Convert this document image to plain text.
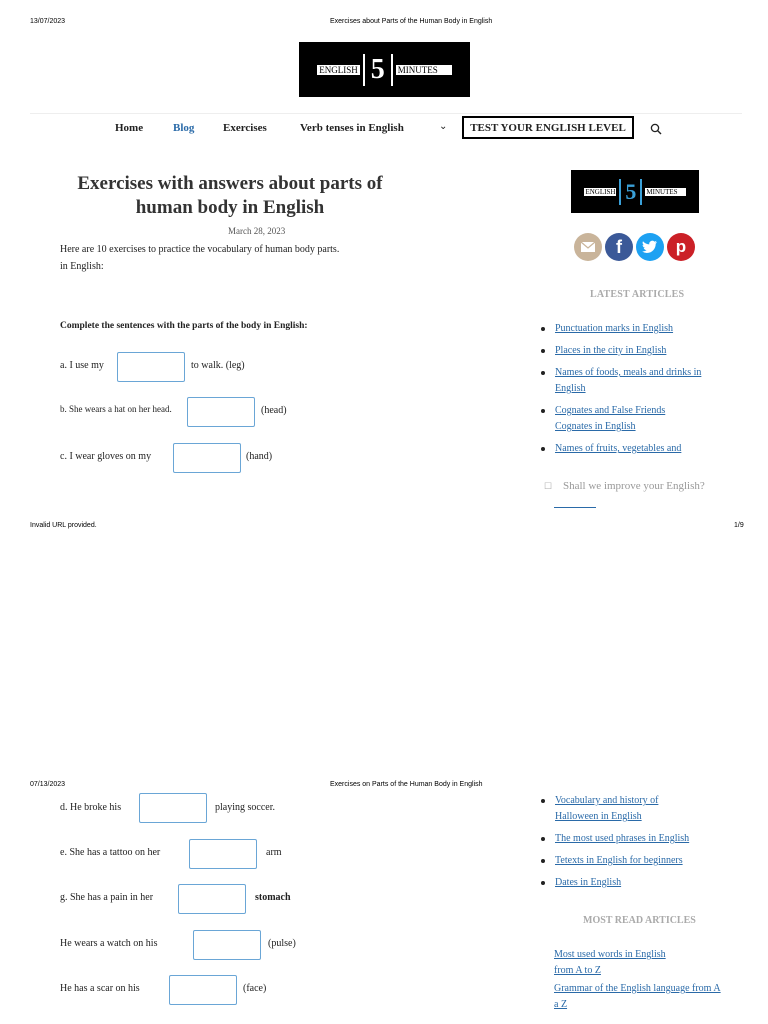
13/07/2023	Exercises about Parts of the Human Body in English
ENGLISH 5	MINUTES
Home	Blog	Exercises	Verb tenses in English	⌄	TEST YOUR ENGLISH LEVEL
Exercises with answers about parts of
human body in English
March 28, 2023
Here are 10 exercises to practice the vocabulary of human body parts.
in English:
Complete the sentences with the parts of the body in English:
a. I use my	to walk. (leg)
b. She wears a hat on her head.	(head)
c. I wear gloves on my	(hand)
ENGLISH 5	MINUTES
f	p
LATEST ARTICLES
Punctuation marks in English
Places in the city in English
Names of foods, meals and drinks in English
Cognates and False Friends Cognates in English
Names of fruits, vegetables and
☐ Shall we improve your English?
Invalid URL provided.	1/9
07/13/2023	Exercises on Parts of the Human Body in English
d. He broke his	playing soccer.
e. She has a tattoo on her	arm
g. She has a pain in her	stomach
He wears a watch on his	(pulse)
He has a scar on his	(face)
Vocabulary and history of Halloween in English
The most used phrases in English
Tetexts in English for beginners
Dates in English
MOST READ ARTICLES
Most used words in English from A to Z
Grammar of the English language from A a Z
